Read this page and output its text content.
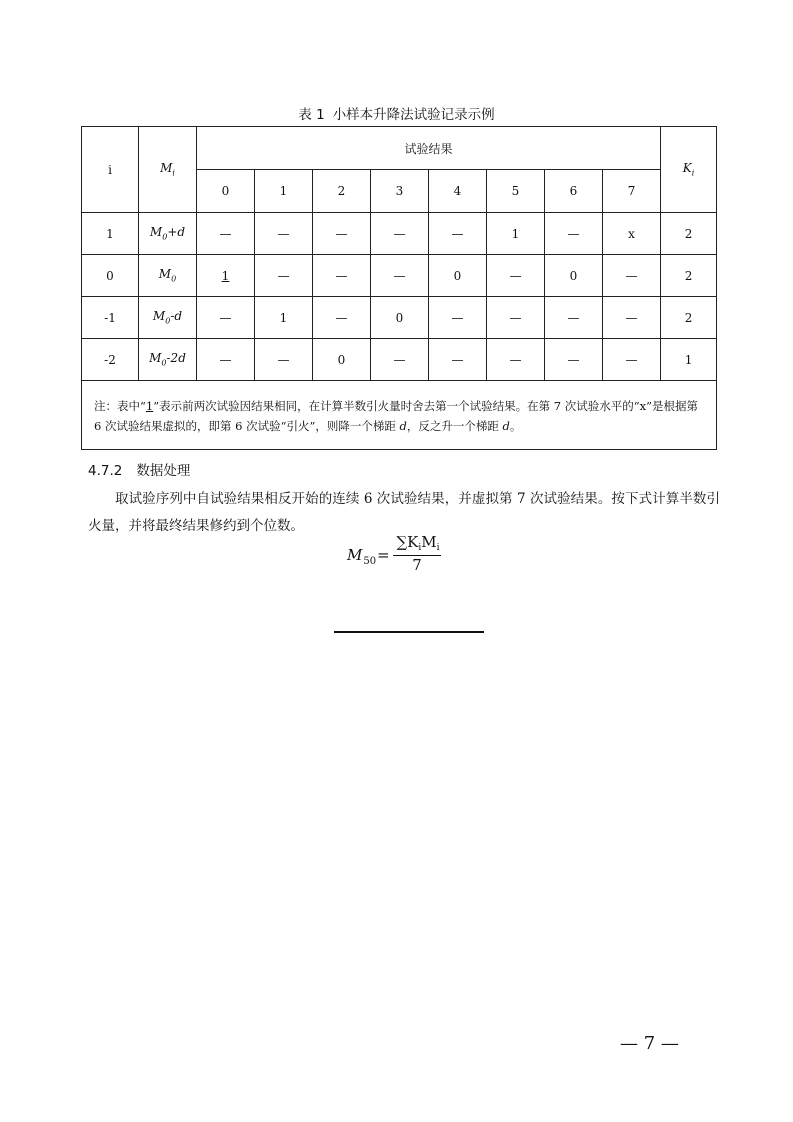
表 1 小样本升降法试验记录示例
i	$M_i$	试验结果								$K_i$
		0	1	2	3	4	5	6	7	
1	$M_0+d$	—	—	—	—	—	1	—	x	2
0	$M_0$	1	—	—	—	0	—	0	—	2
-1	$M_0-d$	—	1	—	0	—	—	—	—	2
-2	$M_0-2d$	—	—	0	—	—	—	—	—	1
注：表中“1”表示前两次试验因结果相同，在计算半数引火量时舍去第一个试验结果。在第 7 次试验水平的“x”是根据第 6 次试验结果虚拟的，即第 6 次试验“引火”，则降一个梯距 d，反之升一个梯距 d。										
4.7.2 数据处理
取试验序列中自试验结果相反开始的连续 6 次试验结果，并虚拟第 7 次试验结果。按下式计算半数引火量，并将最终结果修约到个位数。
$M_{50}$ =
$\sum K_iM_i$
7
— 7 —
